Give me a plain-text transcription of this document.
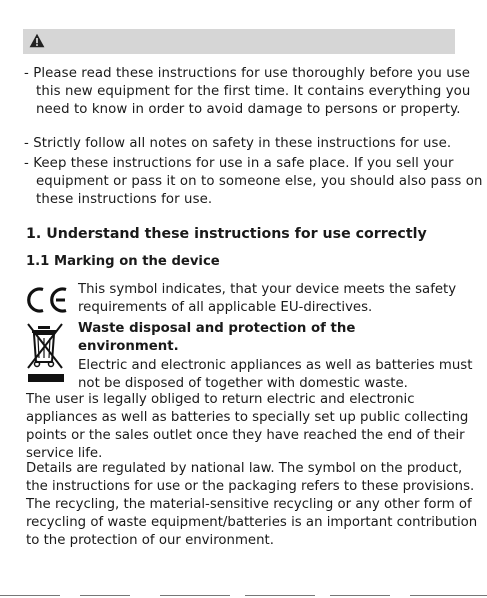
- Please read these instructions for use thoroughly before you use this new equipment for the first time. It contains everything you need to know in order to avoid damage to persons or property.
- Strictly follow all notes on safety in these instructions for use.
- Keep these instructions for use in a safe place. If you sell your equipment or pass it on to someone else, you should also pass on these instructions for use.
1. Understand these instructions for use correctly
1.1 Marking on the device
This symbol indicates, that your device meets the safety requirements of all applicable EU-directives.
Waste disposal and protection of the environment.
Electric and electronic appliances as well as batteries must not be disposed of together with domestic waste.
The user is legally obliged to return electric and electronic appliances as well as batteries to specially set up public collecting points or the sales outlet once they have reached the end of their service life.
Details are regulated by national law. The symbol on the product, the instructions for use or the packaging refers to these provisions. The recycling, the material-sensitive recycling or any other form of recycling of waste equipment/batteries is an important contribution to the protection of our environment.
